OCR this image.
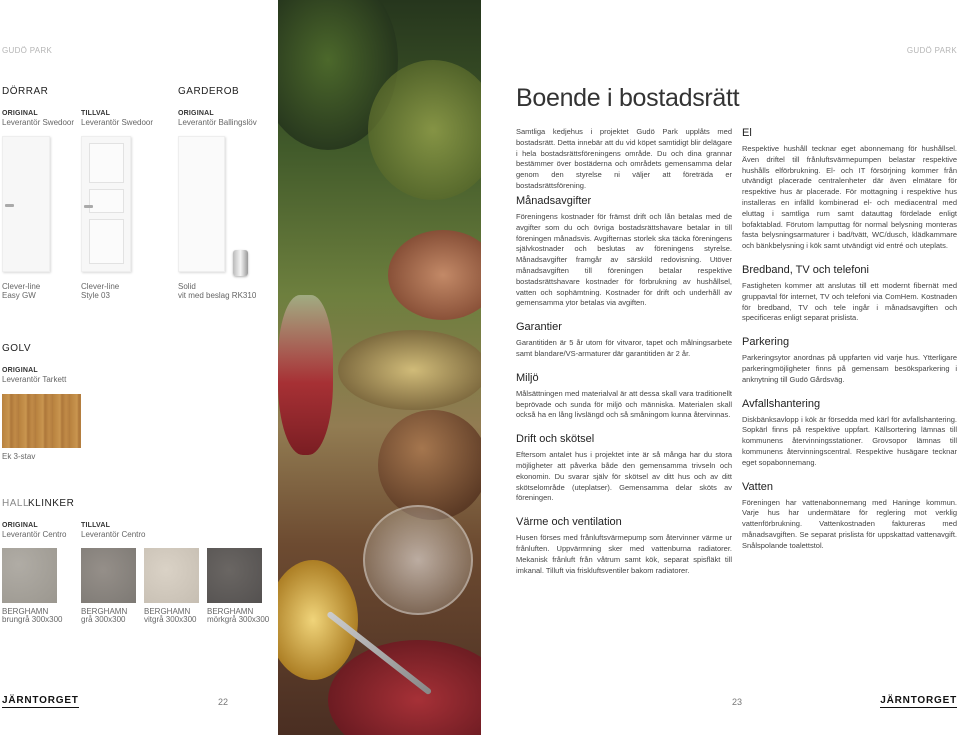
GUDÖ PARK
DÖRRAR
ORIGINAL
Leverantör Swedoor
TILLVAL
Leverantör Swedoor
GARDEROB
ORIGINAL
Leverantör Ballingslöv
Clever-line
Easy GW
Clever-line
Style 03
Solid
vit med beslag RK310
GOLV
ORIGINAL
Leverantör Tarkett
Ek 3-stav
HALL
KLINKER
ORIGINAL
Leverantör Centro
TILLVAL
Leverantör Centro
BERGHAMN
brungrå 300x300
BERGHAMN
grå 300x300
BERGHAMN
vitgrå 300x300
BERGHAMN
mörkgrå 300x300
JÄRNTORGET	22
GUDÖ PARK
Boende i bostadsrätt
Samtliga kedjehus i projektet Gudö Park upplåts med bostadsrätt. Detta innebär att du vid köpet samtidigt blir delägare i hela bostadsrättsföreningens område. Du och dina grannar bestämmer över bostäderna och områdets gemensamma delar genom den styrelse ni väljer att företräda er bostadsrättsförening.
Månadsavgifter
Föreningens kostnader för främst drift och lån betalas med de avgifter som du och övriga bostadsrättshavare betalar in till föreningen månadsvis. Avgifternas storlek ska täcka föreningens självkostnader och beslutas av föreningens styrelse. Månadsavgifter framgår av särskild redovisning. Utöver månadsavgiften till föreningen betalar respektive bostadsrättshavare kostnader för förbrukning av hushållsel, vatten och sophämtning. Kostnader för drift och underhåll av gemensamma ytor betalas via avgiften.
Garantier
Garantitiden är 5 år utom för vitvaror, tapet och målningsarbete samt blandare/VS-armaturer där garantitiden är 2 år.
Miljö
Målsättningen med materialval är att dessa skall vara traditionellt beprövade och sunda för miljö och människa. Materialen skall också ha en lång livslängd och så småningom kunna återvinnas.
Drift och skötsel
Eftersom antalet hus i projektet inte är så många har du stora möjligheter att påverka både den gemensamma trivseln och ekonomin. Du svarar själv för skötsel av ditt hus och av ditt skötselområde (uteplatser). Gemensamma delar sköts av föreningen.
Värme och ventilation
Husen förses med frånluftsvärmepump som återvinner värme ur frånluften. Uppvärmning sker med vattenburna radiatorer. Mekanisk frånluft från våtrum samt kök, separat spisfläkt till imkanal. Tilluft via friskluftsventiler bakom radiatorer.
El
Respektive hushåll tecknar eget abonnemang för hushållsel. Även driftel till frånluftsvärmepumpen belastar respektive hushålls elförbrukning. El- och IT försörjning kommer från utvändigt placerade centralenheter där även elmätare för respektive hus är placerade. För mottagning i respektive hus installeras en infälld kombinerad el- och mediacentral med eluttag i samtliga rum samt datauttag fördelade enligt bofaktablad. Förutom lamputtag för normal belysning monteras fasta belysningsarmaturer i bad/tvätt, WC/dusch, klädkammare och bänkbelysning i kök samt utvändigt vid entré och uteplats.
Bredband, TV och telefoni
Fastigheten kommer att anslutas till ett modernt fibernät med gruppavtal för internet, TV och telefoni via ComHem. Kostnaden för bredband, TV och tele ingår i månadsavgiften och specificeras enligt separat prislista.
Parkering
Parkeringsytor anordnas på uppfarten vid varje hus. Ytterligare parkeringmöjligheter finns på gemensam besöksparkering i anknytning till Gudö Gårdsväg.
Avfallshantering
Diskbänksavlopp i kök är försedda med kärl för avfallshantering. Sopkärl finns på respektive uppfart. Källsortering lämnas till kommunens återvinningsstationer. Grovsopor lämnas till kommunens återvinningscentral. Respektive husägare tecknar eget sopabonnemang.
Vatten
Föreningen har vattenabonnemang med Haninge kommun. Varje hus har undermätare för reglering mot verklig vattenförbrukning. Vattenkostnaden faktureras med månadsavgiften. Se separat prislista för uppskattad vattenavgift. Snålspolande toalettstol.
23	JÄRNTORGET
